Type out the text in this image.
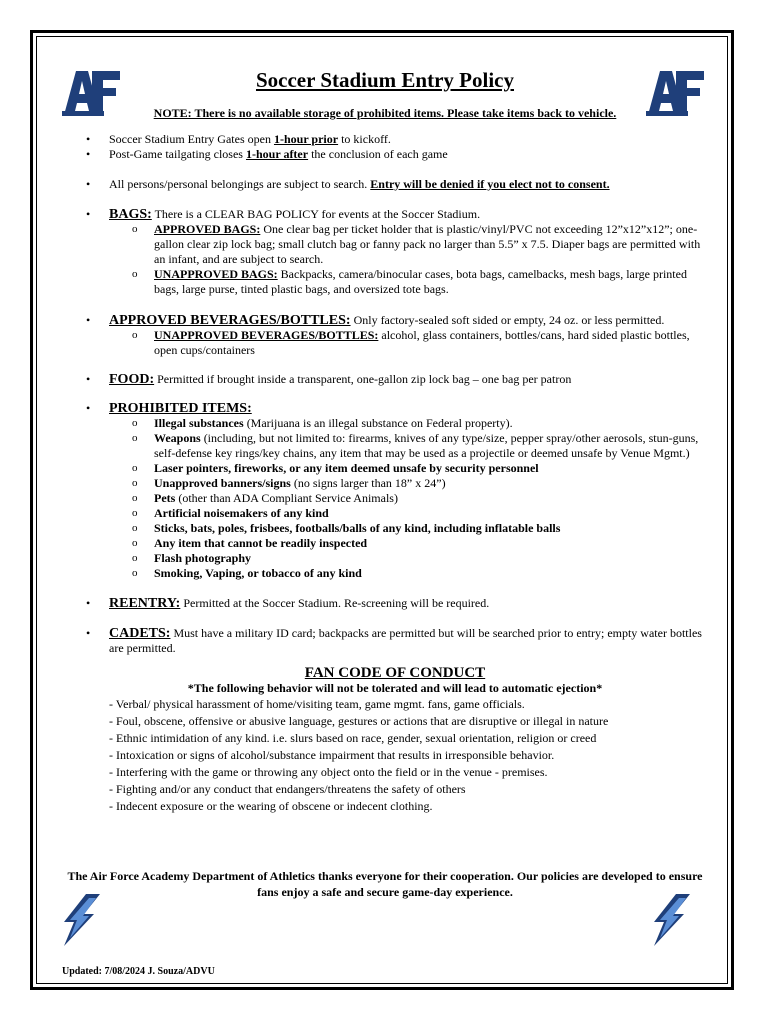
Soccer Stadium Entry Policy
NOTE: There is no available storage of prohibited items. Please take items back to vehicle.

• Soccer Stadium Entry Gates open 1-hour prior to kickoff.

• Post-Game tailgating closes 1-hour after the conclusion of each game

• All persons/personal belongings are subject to search. Entry will be denied if you elect not to consent.

• BAGS: There is a CLEAR BAG POLICY for events at the Soccer Stadium.

o APPROVED BAGS: One clear bag per ticket holder that is plastic/vinyl/PVC not exceeding 12”x12”x12”; one-gallon clear zip lock bag; small clutch bag or fanny pack no larger than 5.5” x 7.5. Diaper bags are permitted with an infant, and are subject to search.

o UNAPPROVED BAGS: Backpacks, camera/binocular cases, bota bags, camelbacks, mesh bags, large printed bags, large purse, tinted plastic bags, and oversized tote bags.

• APPROVED BEVERAGES/BOTTLES: Only factory-sealed soft sided or empty, 24 oz. or less permitted.

o UNAPPROVED BEVERAGES/BOTTLES: alcohol, glass containers, bottles/cans, hard sided plastic bottles, open cups/containers

• FOOD: Permitted if brought inside a transparent, one-gallon zip lock bag – one bag per patron

• PROHIBITED ITEMS:

o Illegal substances (Marijuana is an illegal substance on Federal property).

o Weapons (including, but not limited to: firearms, knives of any type/size, pepper spray/other aerosols, stun-guns, self-defense key rings/key chains, any item that may be used as a projectile or deemed unsafe by Venue Mgmt.)

o Laser pointers, fireworks, or any item deemed unsafe by security personnel

o Unapproved banners/signs (no signs larger than 18” x 24”)

o Pets (other than ADA Compliant Service Animals)

o Artificial noisemakers of any kind

o Sticks, bats, poles, frisbees, footballs/balls of any kind, including inflatable balls

o Any item that cannot be readily inspected

o Flash photography

o Smoking, Vaping, or tobacco of any kind

• REENTRY: Permitted at the Soccer Stadium. Re-screening will be required.

• CADETS: Must have a military ID card; backpacks are permitted but will be searched prior to entry; empty water bottles are permitted.

FAN CODE OF CONDUCT

*The following behavior will not be tolerated and will lead to automatic ejection*

- Verbal/ physical harassment of home/visiting team, game mgmt. fans, game officials.

- Foul, obscene, offensive or abusive language, gestures or actions that are disruptive or illegal in nature

- Ethnic intimidation of any kind. i.e. slurs based on race, gender, sexual orientation, religion or creed

- Intoxication or signs of alcohol/substance impairment that results in irresponsible behavior.

- Interfering with the game or throwing any object onto the field or in the venue - premises.

- Fighting and/or any conduct that endangers/threatens the safety of others

- Indecent exposure or the wearing of obscene or indecent clothing.

The Air Force Academy Department of Athletics thanks everyone for their cooperation. Our policies are developed to ensure fans enjoy a safe and secure game-day experience.
Updated: 7/08/2024 J. Souza/ADVU
